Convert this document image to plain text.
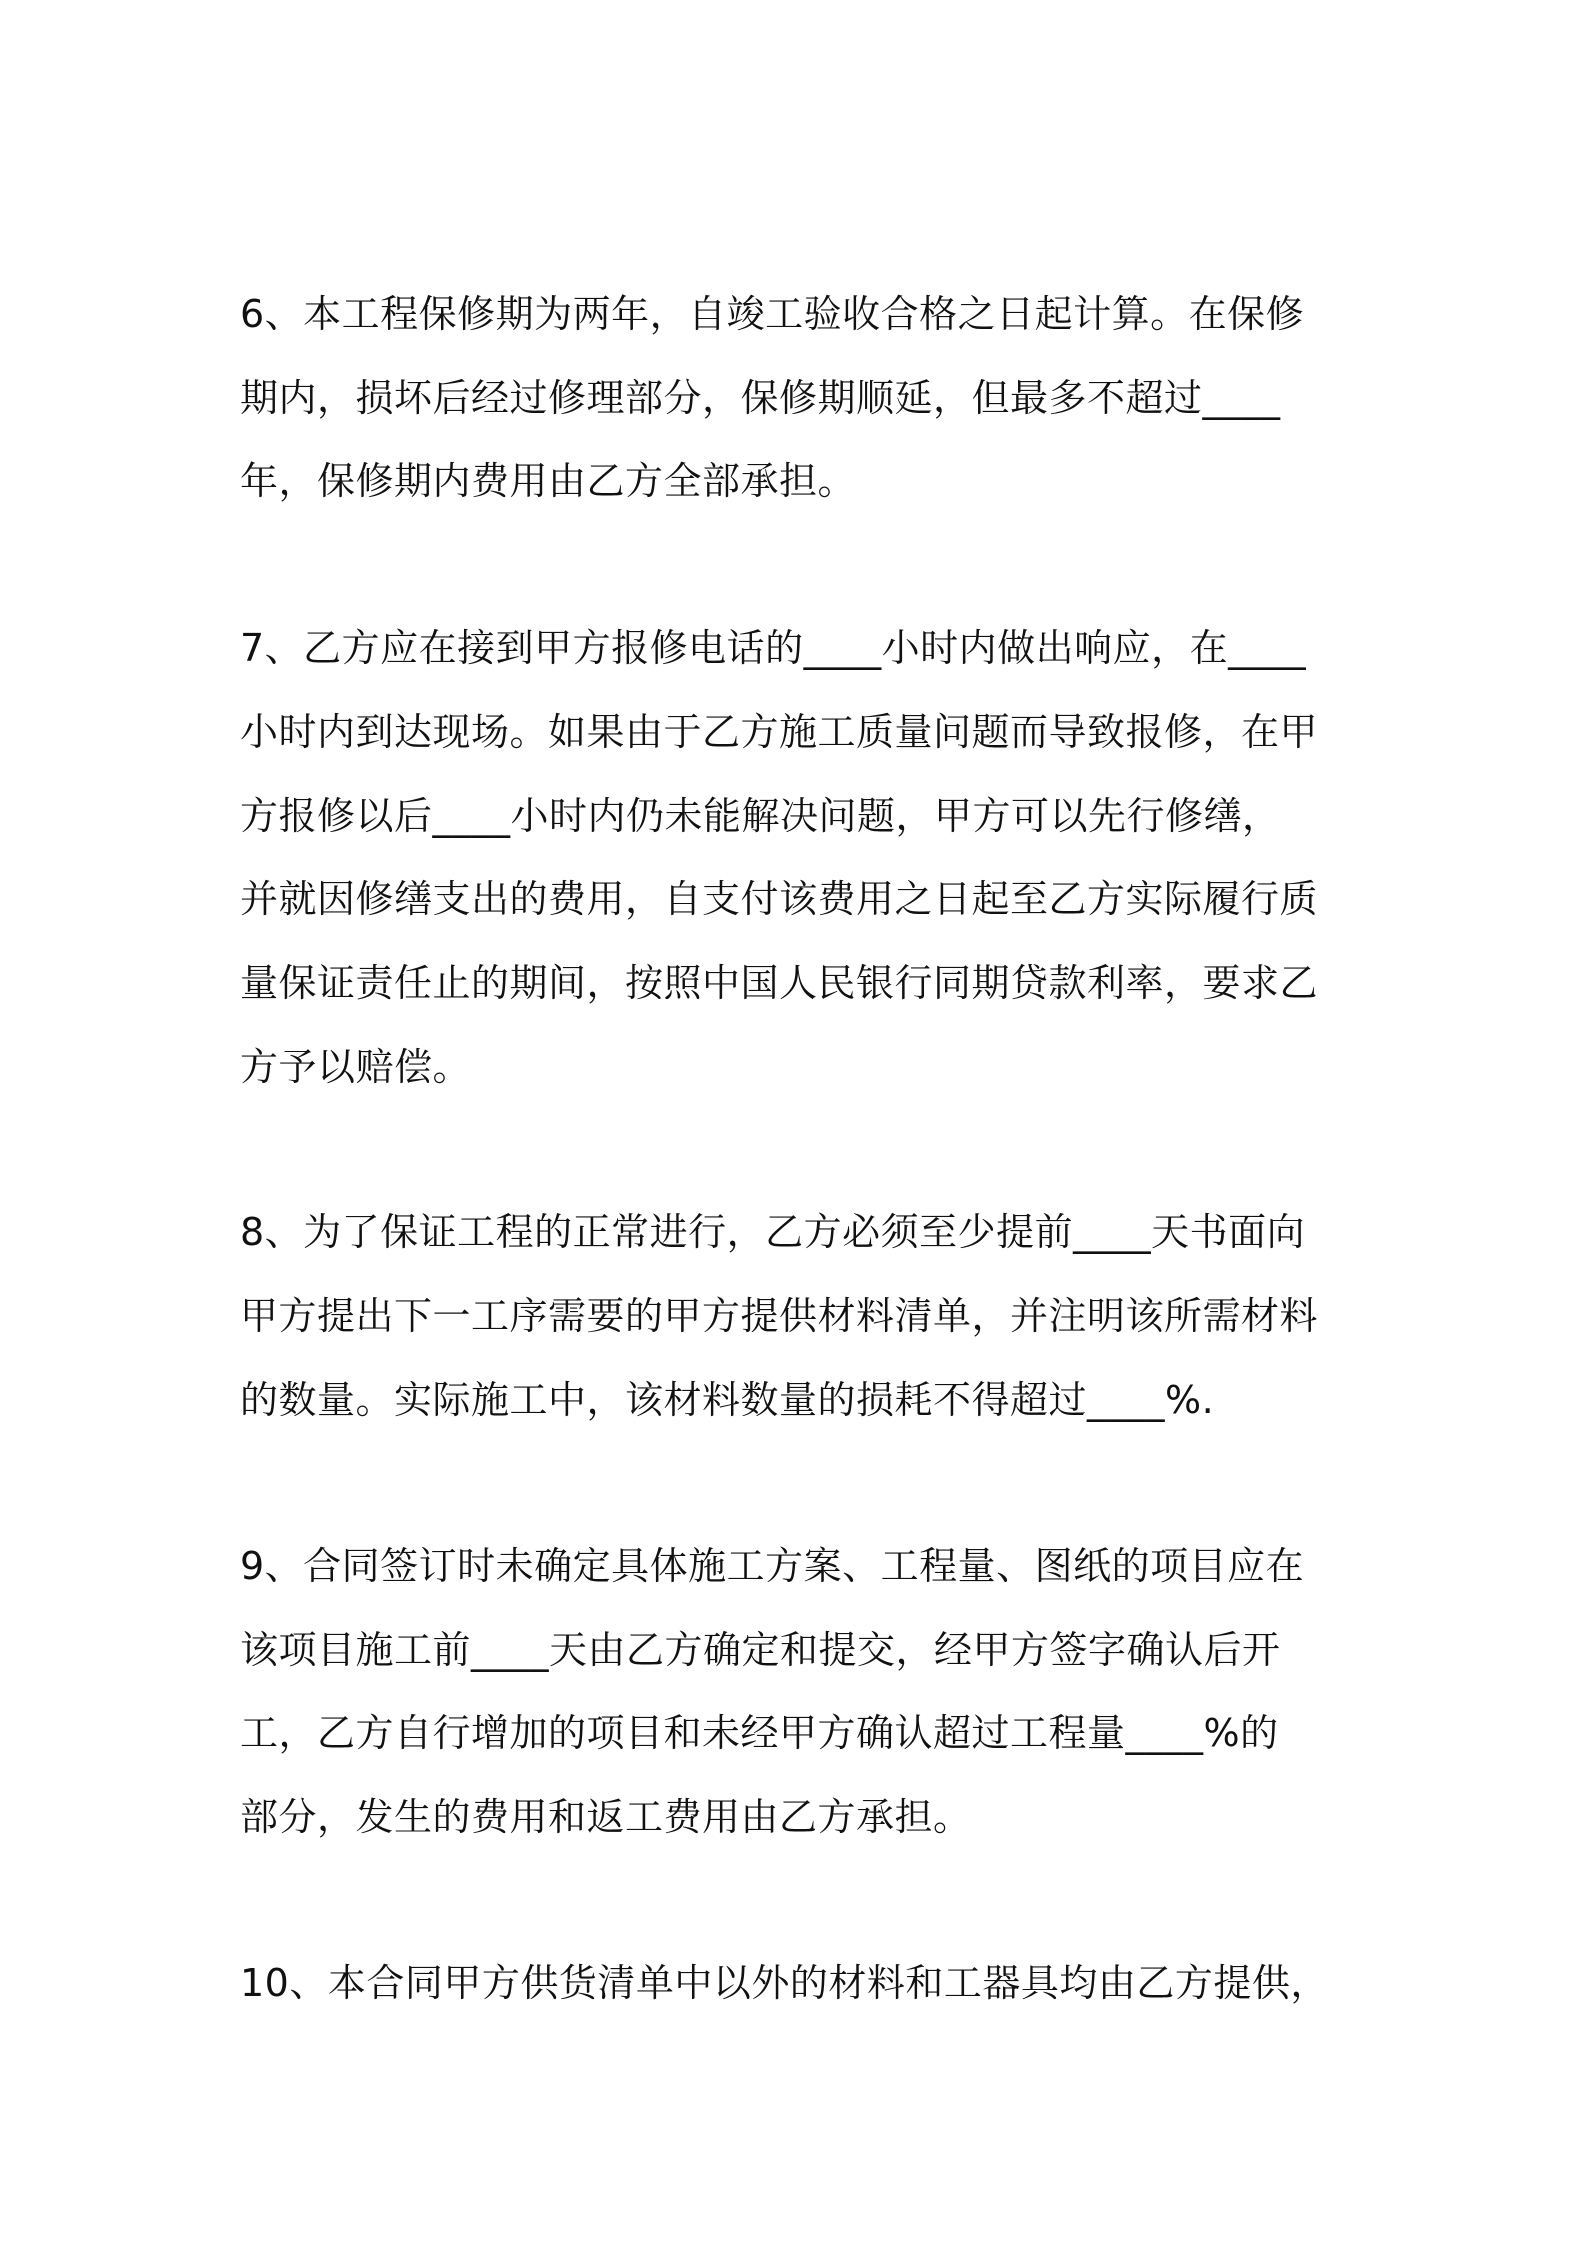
6、本工程保修期为两年，自竣工验收合格之日起计算。在保修
期内，损坏后经过修理部分，保修期顺延，但最多不超过____
年，保修期内费用由乙方全部承担。
7、乙方应在接到甲方报修电话的____小时内做出响应，在____
小时内到达现场。如果由于乙方施工质量问题而导致报修，在甲
方报修以后____小时内仍未能解决问题，甲方可以先行修缮，
并就因修缮支出的费用，自支付该费用之日起至乙方实际履行质
量保证责任止的期间，按照中国人民银行同期贷款利率，要求乙
方予以赔偿。
8、为了保证工程的正常进行，乙方必须至少提前____天书面向
甲方提出下一工序需要的甲方提供材料清单，并注明该所需材料
的数量。实际施工中，该材料数量的损耗不得超过____%.
9、合同签订时未确定具体施工方案、工程量、图纸的项目应在
该项目施工前____天由乙方确定和提交，经甲方签字确认后开
工，乙方自行增加的项目和未经甲方确认超过工程量____%的
部分，发生的费用和返工费用由乙方承担。
10、本合同甲方供货清单中以外的材料和工器具均由乙方提供，
